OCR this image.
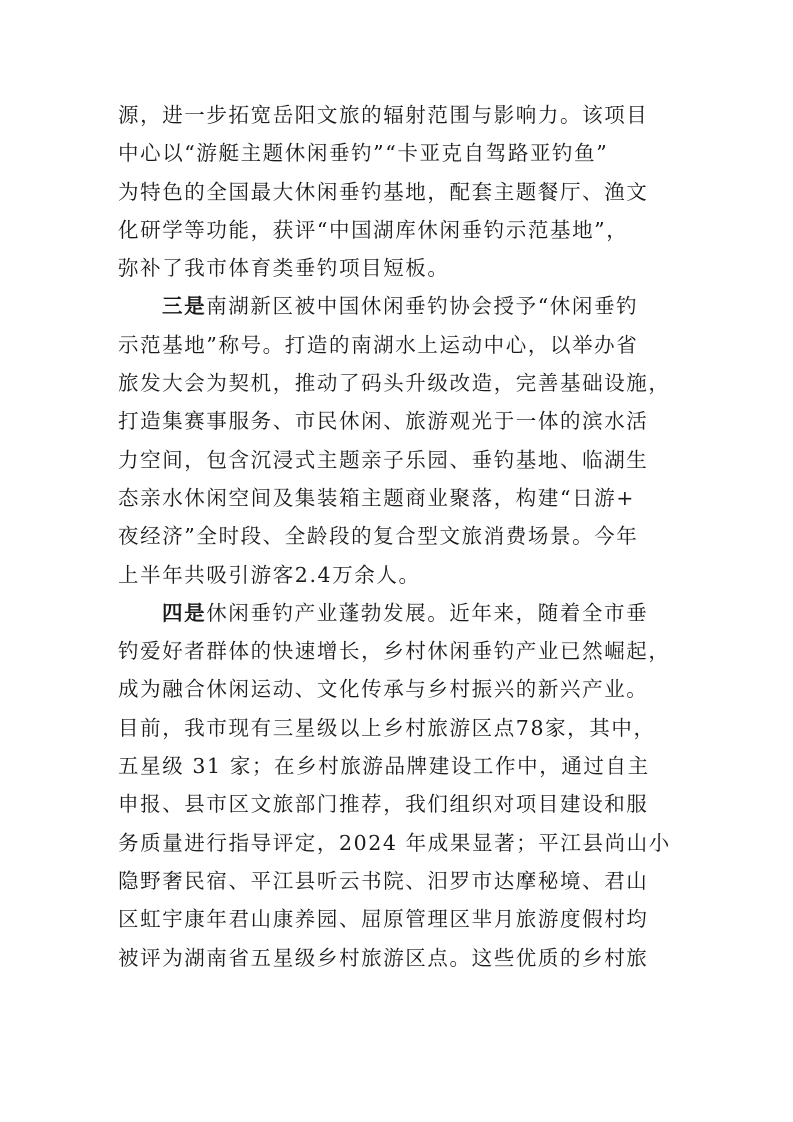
源，进一步拓宽岳阳文旅的辐射范围与影响力。该项目
中心以“游艇主题休闲垂钓”“卡亚克自驾路亚钓鱼”
为特色的全国最大休闲垂钓基地，配套主题餐厅、渔文
化研学等功能，获评“中国湖库休闲垂钓示范基地”，
弥补了我市体育类垂钓项目短板。
三是南湖新区被中国休闲垂钓协会授予“休闲垂钓
示范基地”称号。打造的南湖水上运动中心，以举办省
旅发大会为契机，推动了码头升级改造，完善基础设施，
打造集赛事服务、市民休闲、旅游观光于一体的滨水活
力空间，包含沉浸式主题亲子乐园、垂钓基地、临湖生
态亲水休闲空间及集装箱主题商业聚落，构建“日游+
夜经济”全时段、全龄段的复合型文旅消费场景。今年
上半年共吸引游客2.4万余人。
四是休闲垂钓产业蓬勃发展。近年来，随着全市垂
钓爱好者群体的快速增长，乡村休闲垂钓产业已然崛起，
成为融合休闲运动、文化传承与乡村振兴的新兴产业。
目前，我市现有三星级以上乡村旅游区点78家，其中，
五星级 31 家；在乡村旅游品牌建设工作中，通过自主
申报、县市区文旅部门推荐，我们组织对项目建设和服
务质量进行指导评定，2024 年成果显著；平江县尚山小
隐野奢民宿、平江县听云书院、汨罗市达摩秘境、君山
区虹宇康年君山康养园、屈原管理区芈月旅游度假村均
被评为湖南省五星级乡村旅游区点。这些优质的乡村旅
